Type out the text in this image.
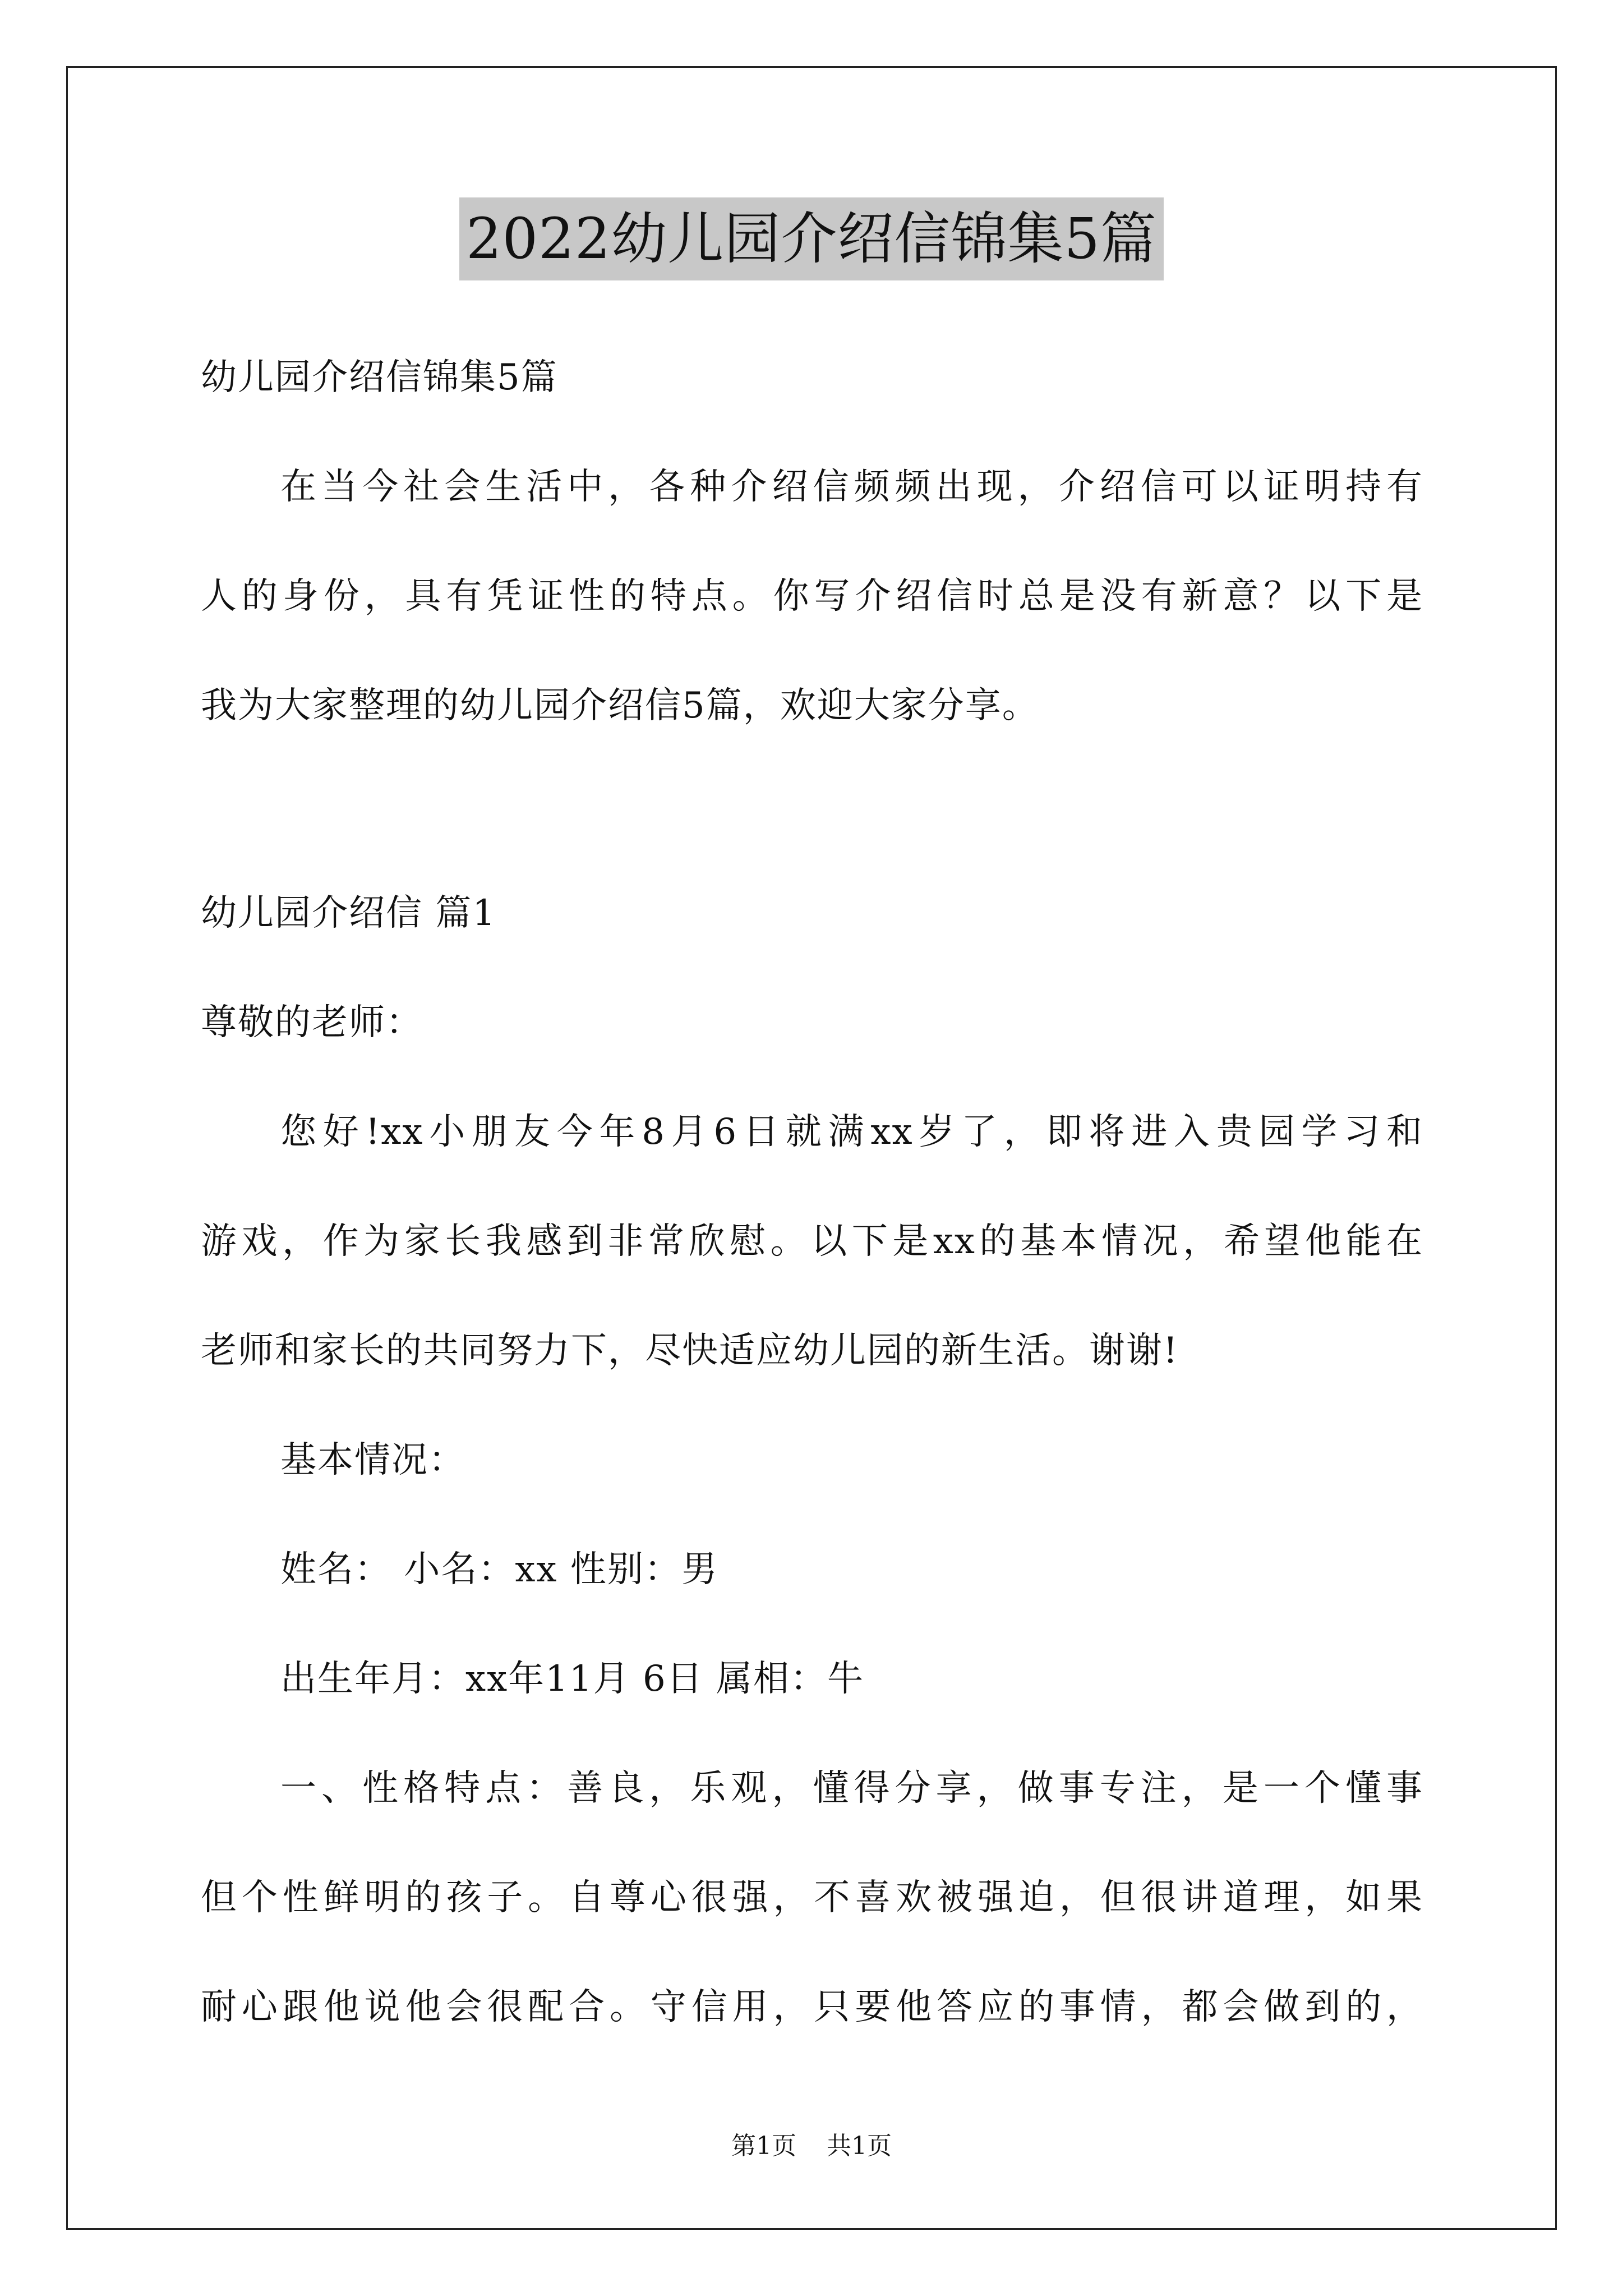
2022幼儿园介绍信锦集5篇
幼儿园介绍信锦集5篇
在当今社会生活中，各种介绍信频频出现，介绍信可以证明持有
人的身份，具有凭证性的特点。你写介绍信时总是没有新意？以下是
我为大家整理的幼儿园介绍信5篇，欢迎大家分享。
幼儿园介绍信 篇1
尊敬的老师：
您好!xx小朋友今年8月6日就满xx岁了，即将进入贵园学习和
游戏，作为家长我感到非常欣慰。以下是xx的基本情况，希望他能在
老师和家长的共同努力下，尽快适应幼儿园的新生活。谢谢!
基本情况：
姓名： 小名：xx 性别：男
出生年月：xx年11月 6日 属相：牛
一、性格特点：善良，乐观，懂得分享，做事专注，是一个懂事
但个性鲜明的孩子。自尊心很强，不喜欢被强迫，但很讲道理，如果
耐心跟他说他会很配合。守信用，只要他答应的事情，都会做到的，
第1页 共1页
